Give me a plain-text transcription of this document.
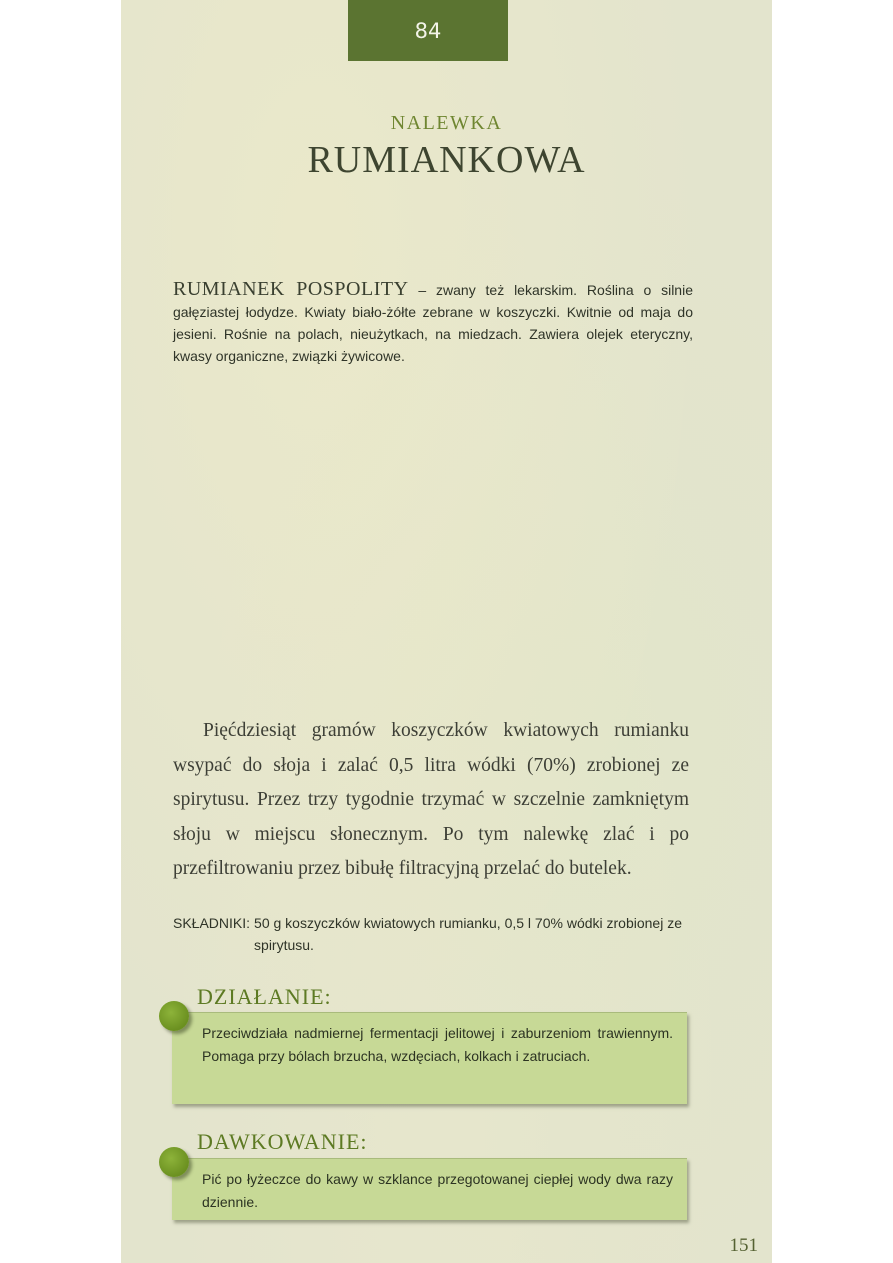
84
NALEWKA
RUMIANKOWA

RUMIANEK POSPOLITY – zwany też lekarskim. Roślina o silnie gałęziastej łodydze. Kwiaty biało-żółte zebrane w koszyczki. Kwitnie od maja do jesieni. Rośnie na polach, nieużytkach, na miedzach. Zawiera olejek eteryczny, kwasy organiczne, związki żywicowe.

Pięćdziesiąt gramów koszyczków kwiatowych rumianku wsypać do słoja i zalać 0,5 litra wódki (70%) zrobionej ze spirytusu. Przez trzy tygodnie trzymać w szczelnie zamkniętym słoju w miejscu słonecznym. Po tym nalewkę zlać i po przefiltrowaniu przez bibułę filtracyjną przelać do butelek.

SKŁADNIKI: 50 g koszyczków kwiatowych rumianku, 0,5 l 70% wódki zrobionej ze spirytusu.
DZIAŁANIE:
Przeciwdziała nadmiernej fermentacji jelitowej i zaburzeniom trawiennym. Pomaga przy bólach brzucha, wzdęciach, kolkach i zatruciach.
DAWKOWANIE:
Pić po łyżeczce do kawy w szklance przegotowanej ciepłej wody dwa razy dziennie.
151
